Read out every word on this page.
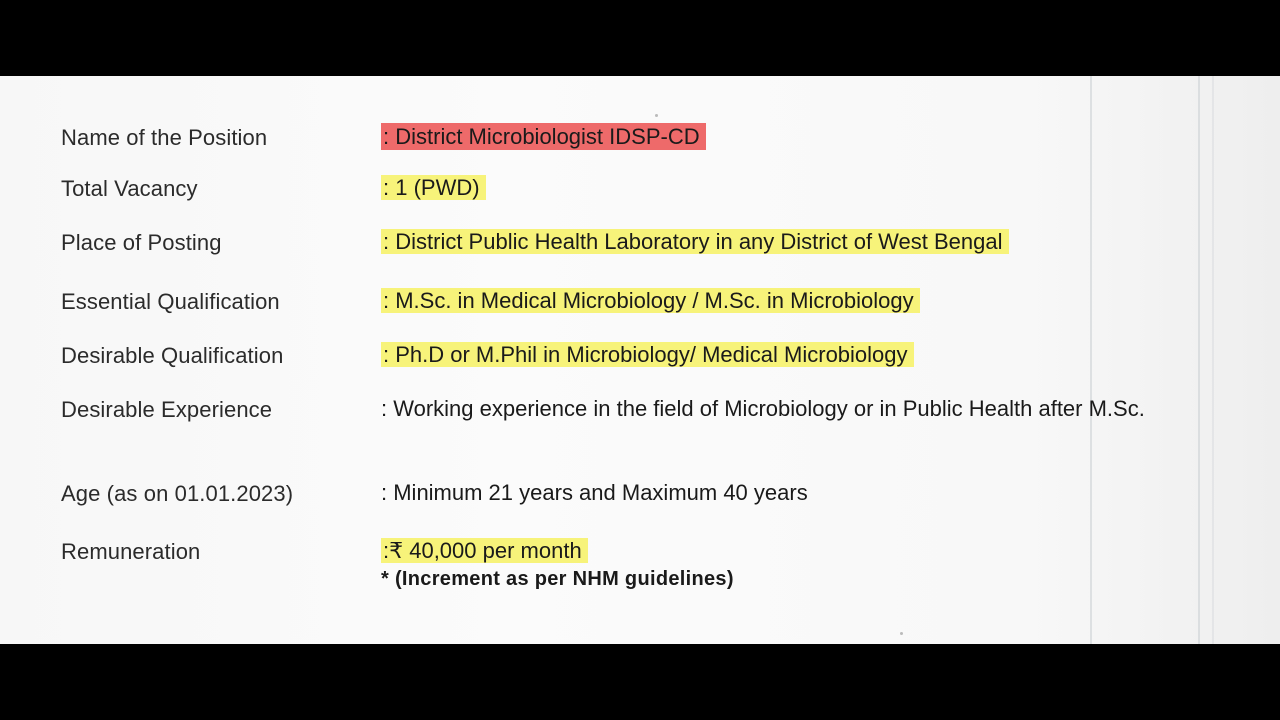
Name of the Position	: District Microbiologist IDSP-CD
Total Vacancy	: 1 (PWD)
Place of Posting	: District Public Health Laboratory in any District of West Bengal
Essential Qualification	: M.Sc. in Medical Microbiology / M.Sc. in Microbiology
Desirable Qualification	: Ph.D or M.Phil in Microbiology/ Medical Microbiology
Desirable Experience	: Working experience in the field of Microbiology or in Public Health after M.Sc.
Age (as on 01.01.2023)	: Minimum 21 years and Maximum 40 years
Remuneration	:₹ 40,000 per month
* (Increment as per NHM guidelines)
